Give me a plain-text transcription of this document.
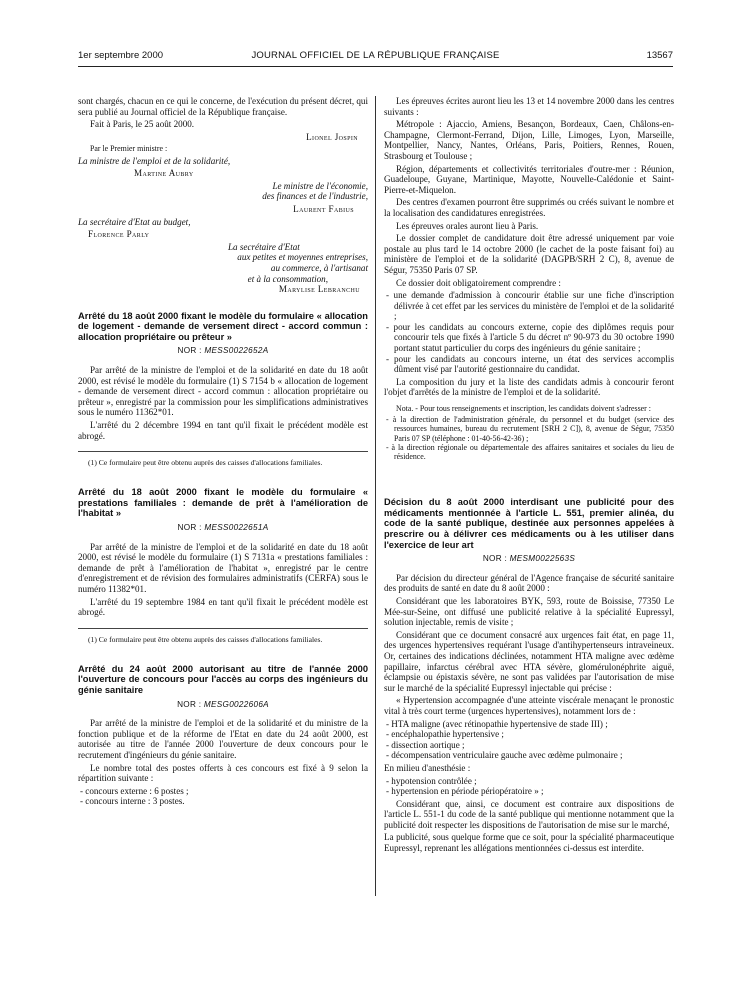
1er septembre 2000	JOURNAL OFFICIEL DE LA RÉPUBLIQUE FRANÇAISE	13567

sont chargés, chacun en ce qui le concerne, de l'exécution du présent décret, qui sera publié au Journal officiel de la République française.

Fait à Paris, le 25 août 2000.

Lionel Jospin

Par le Premier ministre :

La ministre de l'emploi et de la solidarité,

Martine Aubry

Le ministre de l'économie,

des finances et de l'industrie,

Laurent Fabius

La secrétaire d'Etat au budget,

Florence Parly

La secrétaire d'Etat

aux petites et moyennes entreprises,

au commerce, à l'artisanat

et à la consommation,

Marylise Lebranchu

Arrêté du 18 août 2000 fixant le modèle du formulaire « allocation de logement - demande de versement direct - accord commun : allocation propriétaire ou prêteur »

NOR : MESS0022652A

Par arrêté de la ministre de l'emploi et de la solidarité en date du 18 août 2000, est révisé le modèle du formulaire (1) S 7154 b « allocation de logement - demande de versement direct - accord commun : allocation propriétaire ou prêteur », enregistré par la commission pour les simplifications administratives sous le numéro 11362*01.

L'arrêté du 2 décembre 1994 en tant qu'il fixait le précédent modèle est abrogé.

(1) Ce formulaire peut être obtenu auprès des caisses d'allocations familiales.

Arrêté du 18 août 2000 fixant le modèle du formulaire « prestations familiales : demande de prêt à l'amélioration de l'habitat »

NOR : MESS0022651A

Par arrêté de la ministre de l'emploi et de la solidarité en date du 18 août 2000, est révisé le modèle du formulaire (1) S 7131a « prestations familiales : demande de prêt à l'amélioration de l'habitat », enregistré par le centre d'enregistrement et de révision des formulaires administratifs (CERFA) sous le numéro 11382*01.

L'arrêté du 19 septembre 1984 en tant qu'il fixait le précédent modèle est abrogé.

(1) Ce formulaire peut être obtenu auprès des caisses d'allocations familiales.

Arrêté du 24 août 2000 autorisant au titre de l'année 2000 l'ouverture de concours pour l'accès au corps des ingénieurs du génie sanitaire

NOR : MESG0022606A

Par arrêté de la ministre de l'emploi et de la solidarité et du ministre de la fonction publique et de la réforme de l'Etat en date du 24 août 2000, est autorisée au titre de l'année 2000 l'ouverture de deux concours pour le recrutement d'ingénieurs du génie sanitaire.

Le nombre total des postes offerts à ces concours est fixé à 9 selon la répartition suivante :

- concours externe : 6 postes ;
- concours interne : 3 postes.

Les épreuves écrites auront lieu les 13 et 14 novembre 2000 dans les centres suivants :

Métropole : Ajaccio, Amiens, Besançon, Bordeaux, Caen, Châlons-en-Champagne, Clermont-Ferrand, Dijon, Lille, Limoges, Lyon, Marseille, Montpellier, Nancy, Nantes, Orléans, Paris, Poitiers, Rennes, Rouen, Strasbourg et Toulouse ;

Région, départements et collectivités territoriales d'outre-mer : Réunion, Guadeloupe, Guyane, Martinique, Mayotte, Nouvelle-Calédonie et Saint-Pierre-et-Miquelon.

Des centres d'examen pourront être supprimés ou créés suivant le nombre et la localisation des candidatures enregistrées.

Les épreuves orales auront lieu à Paris.

Le dossier complet de candidature doit être adressé uniquement par voie postale au plus tard le 14 octobre 2000 (le cachet de la poste faisant foi) au ministère de l'emploi et de la solidarité (DAGPB/SRH 2 C), 8, avenue de Ségur, 75350 Paris 07 SP.

Ce dossier doit obligatoirement comprendre :

- une demande d'admission à concourir établie sur une fiche d'inscription délivrée à cet effet par les services du ministère de l'emploi et de la solidarité ;
- pour les candidats au concours externe, copie des diplômes requis pour concourir tels que fixés à l'article 5 du décret nº 90-973 du 30 octobre 1990 portant statut particulier du corps des ingénieurs du génie sanitaire ;
- pour les candidats au concours interne, un état des services accomplis dûment visé par l'autorité gestionnaire du candidat.

La composition du jury et la liste des candidats admis à concourir feront l'objet d'arrêtés de la ministre de l'emploi et de la solidarité.

Nota. - Pour tous renseignements et inscription, les candidats doivent s'adresser :

- à la direction de l'administration générale, du personnel et du budget (service des ressources humaines, bureau du recrutement [SRH 2 C]), 8, avenue de Ségur, 75350 Paris 07 SP (téléphone : 01-40-56-42-36) ;
- à la direction régionale ou départementale des affaires sanitaires et sociales du lieu de résidence.

Décision du 8 août 2000 interdisant une publicité pour des médicaments mentionnée à l'article L. 551, premier alinéa, du code de la santé publique, destinée aux personnes appelées à prescrire ou à délivrer ces médicaments ou à les utiliser dans l'exercice de leur art

NOR : MESM0022563S

Par décision du directeur général de l'Agence française de sécurité sanitaire des produits de santé en date du 8 août 2000 :

Considérant que les laboratoires BYK, 593, route de Boissise, 77350 Le Mée-sur-Seine, ont diffusé une publicité relative à la spécialité Eupressyl, solution injectable, remis de visite ;

Considérant que ce document consacré aux urgences fait état, en page 11, des urgences hypertensives requérant l'usage d'antihypertenseurs intraveineux. Or, certaines des indications déclinées, notamment HTA maligne avec œdème papillaire, infarctus cérébral avec HTA sévère, glomérulonéphrite aiguë, éclampsie ou épistaxis sévère, ne sont pas validées par l'autorisation de mise sur le marché de la spécialité Eupressyl injectable qui précise :

« Hypertension accompagnée d'une atteinte viscérale menaçant le pronostic vital à très court terme (urgences hypertensives), notamment lors de :

- HTA maligne (avec rétinopathie hypertensive de stade III) ;
- encéphalopathie hypertensive ;
- dissection aortique ;
- décompensation ventriculaire gauche avec œdème pulmonaire ;

En milieu d'anesthésie :

- hypotension contrôlée ;
- hypertension en période périopératoire » ;

Considérant que, ainsi, ce document est contraire aux dispositions de l'article L. 551-1 du code de la santé publique qui mentionne notamment que la publicité doit respecter les dispositions de l'autorisation de mise sur le marché,

La publicité, sous quelque forme que ce soit, pour la spécialité pharmaceutique Eupressyl, reprenant les allégations mentionnées ci-dessus est interdite.
